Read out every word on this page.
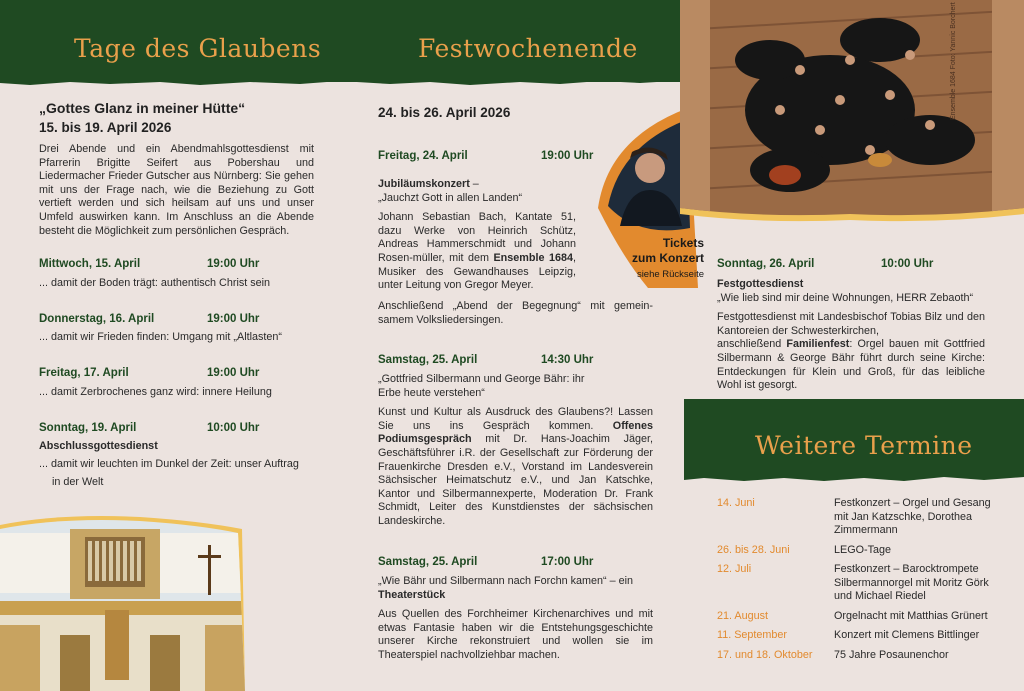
Tage des Glaubens	Festwochenende
„Gottes Glanz in meiner Hütte“
15. bis 19. April 2026

Drei Abende und ein Abendmahlsgottesdienst mit Pfarrerin Brigitte Seifert aus Pobershau und Liedermacher Frieder Gutscher aus Nürnberg: Sie gehen mit uns der Frage nach, wie die Beziehung zu Gott vertieft werden und sich heilsam auf uns und unser Umfeld auswirken kann. Im Anschluss an die Abende besteht die Möglichkeit zum persönlichen Gespräch.

Mittwoch, 15. April	19:00 Uhr
... damit der Boden trägt: authentisch Christ sein
Donnerstag, 16. April	19:00 Uhr
... damit wir Frieden finden: Umgang mit „Altlasten“
Freitag, 17. April	19:00 Uhr
... damit Zerbrochenes ganz wird: innere Heilung
Sonntag, 19. April	10:00 Uhr
Abschlussgottesdienst
... damit wir leuchten im Dunkel der Zeit: unser Auftrag
in der Welt
24. bis 26. April 2026
Freitag, 24. April	19:00 Uhr
Jubiläumskonzert –
„Jauchzt Gott in allen Landen“

Johann Sebastian Bach, Kantate 51, dazu Werke von Heinrich Schütz, Andreas Hammerschmidt und Johann Rosen-müller, mit dem Ensemble 1684, Musiker des Gewandhauses Leipzig, unter Leitung von Gregor Meyer.

Anschließend „Abend der Begegnung“ mit gemein-samem Volksliedersingen.

Samstag, 25. April	14:30 Uhr
„Gottfried Silbermann und George Bähr: ihr Erbe heute verstehen“

Kunst und Kultur als Ausdruck des Glaubens?! Lassen Sie uns ins Gespräch kommen. Offenes Podiumsgespräch mit Dr. Hans-Joachim Jäger, Geschäftsführer i.R. der Gesellschaft zur Förderung der Frauenkirche Dresden e.V., Vorstand im Landesverein Sächsischer Heimatschutz e.V., und Jan Katschke, Kantor und Silbermannexperte, Moderation Dr. Frank Schmidt, Leiter des Kunstdienstes der sächsischen Landeskirche.

Samstag, 25. April	17:00 Uhr
„Wie Bähr und Silbermann nach Forchn kamen“ – ein Theaterstück

Aus Quellen des Forchheimer Kirchenarchives und mit etwas Fantasie haben wir die Entstehungsgeschichte unserer Kirche rekonstruiert und wollen sie im Theaterspiel nachvollziehbar machen.

Tickets
zum Konzert
siehe Rückseite
Ensemble 1684 Foto: Yannic Borchert
Sonntag, 26. April	10:00 Uhr
Festgottesdienst
„Wie lieb sind mir deine Wohnungen, HERR Zebaoth“

Festgottesdienst mit Landesbischof Tobias Bilz und den Kantoreien der Schwesterkirchen,

anschließend Familienfest: Orgel bauen mit Gottfried Silbermann & George Bähr führt durch seine Kirche: Entdeckungen für Klein und Groß, für das leibliche Wohl ist gesorgt.

Weitere Termine
14. Juni	Festkonzert – Orgel und Gesang mit Jan Katzschke, Dorothea Zimmermann
26. bis 28. Juni	LEGO-Tage
12. Juli	Festkonzert – Barocktrompete Silbermannorgel mit Moritz Görk und Michael Riedel
21. August	Orgelnacht mit Matthias Grünert
11. September	Konzert mit Clemens Bittlinger
17. und 18. Oktober	75 Jahre Posaunenchor
